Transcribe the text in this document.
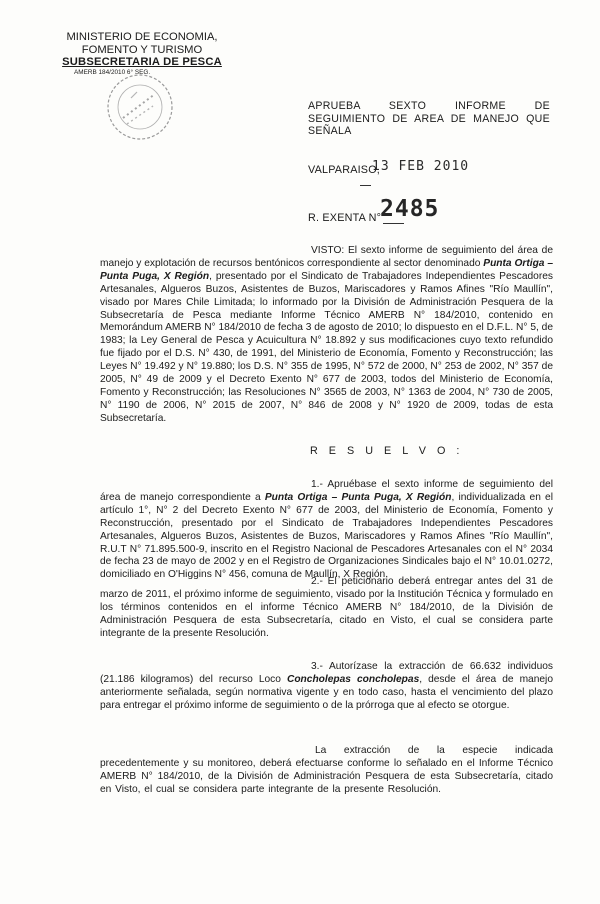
MINISTERIO DE ECONOMIA,
FOMENTO Y TURISMO
SUBSECRETARIA DE PESCA
AMERB 184/2010 6° SEG.
APRUEBA SEXTO INFORME DE SEGUIMIENTO DE AREA DE MANEJO QUE SEÑALA
VALPARAISO,
13 FEB 2010
R. EXENTA N°
2485

VISTO: El sexto informe de seguimiento del área de manejo y explotación de recursos bentónicos correspondiente al sector denominado Punta Ortiga – Punta Puga, X Región, presentado por el Sindicato de Trabajadores Independientes Pescadores Artesanales, Algueros Buzos, Asistentes de Buzos, Mariscadores y Ramos Afines "Río Maullín", visado por Mares Chile Limitada; lo informado por la División de Administración Pesquera de la Subsecretaría de Pesca mediante Informe Técnico AMERB N° 184/2010, contenido en Memorándum AMERB N° 184/2010 de fecha 3 de agosto de 2010; lo dispuesto en el D.F.L. N° 5, de 1983; la Ley General de Pesca y Acuicultura N° 18.892 y sus modificaciones cuyo texto refundido fue fijado por el D.S. N° 430, de 1991, del Ministerio de Economía, Fomento y Reconstrucción; las Leyes N° 19.492 y N° 19.880; los D.S. N° 355 de 1995, N° 572 de 2000, N° 253 de 2002, N° 357 de 2005, N° 49 de 2009 y el Decreto Exento N° 677 de 2003, todos del Ministerio de Economía, Fomento y Reconstrucción; las Resoluciones N° 3565 de 2003, N° 1363 de 2004, N° 730 de 2005, N° 1190 de 2006, N° 2015 de 2007, N° 846 de 2008 y N° 1920 de 2009, todas de esta Subsecretaría.

R E S U E L V O :

1.- Apruébase el sexto informe de seguimiento del área de manejo correspondiente a Punta Ortiga – Punta Puga, X Región, individualizada en el artículo 1°, N° 2 del Decreto Exento N° 677 de 2003, del Ministerio de Economía, Fomento y Reconstrucción, presentado por el Sindicato de Trabajadores Independientes Pescadores Artesanales, Algueros Buzos, Asistentes de Buzos, Mariscadores y Ramos Afines "Río Maullín", R.U.T N° 71.895.500-9, inscrito en el Registro Nacional de Pescadores Artesanales con el N° 2034 de fecha 23 de mayo de 2002 y en el Registro de Organizaciones Sindicales bajo el N° 10.01.0272, domiciliado en O'Higgins N° 456, comuna de Maullín, X Región.

2.- El peticionario deberá entregar antes del 31 de marzo de 2011, el próximo informe de seguimiento, visado por la Institución Técnica y formulado en los términos contenidos en el informe Técnico AMERB N° 184/2010, de la División de Administración Pesquera de esta Subsecretaría, citado en Visto, el cual se considera parte integrante de la presente Resolución.

3.- Autorízase la extracción de 66.632 individuos (21.186 kilogramos) del recurso Loco Concholepas concholepas, desde el área de manejo anteriormente señalada, según normativa vigente y en todo caso, hasta el vencimiento del plazo para entregar el próximo informe de seguimiento o de la prórroga que al efecto se otorgue.

La extracción de la especie indicada precedentemente y su monitoreo, deberá efectuarse conforme lo señalado en el Informe Técnico AMERB N° 184/2010, de la División de Administración Pesquera de esta Subsecretaría, citado en Visto, el cual se considera parte integrante de la presente Resolución.
